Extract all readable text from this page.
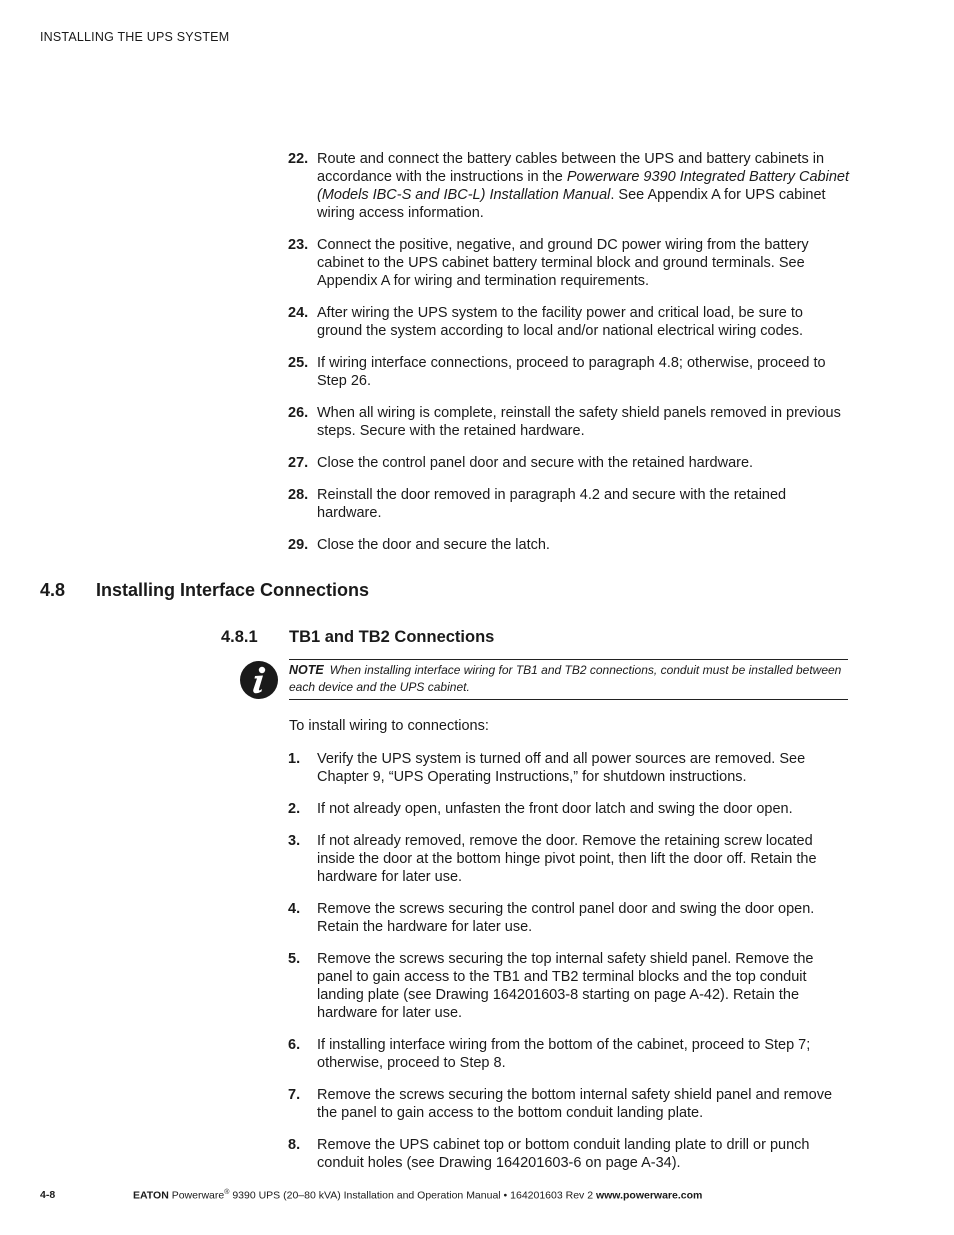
INSTALLING THE UPS SYSTEM
22. Route and connect the battery cables between the UPS and battery cabinets in accordance with the instructions in the Powerware 9390 Integrated Battery Cabinet (Models IBC-S and IBC-L) Installation Manual. See Appendix A for UPS cabinet wiring access information.
23. Connect the positive, negative, and ground DC power wiring from the battery cabinet to the UPS cabinet battery terminal block and ground terminals. See Appendix A for wiring and termination requirements.
24. After wiring the UPS system to the facility power and critical load, be sure to ground the system according to local and/or national electrical wiring codes.
25. If wiring interface connections, proceed to paragraph 4.8; otherwise, proceed to Step 26.
26. When all wiring is complete, reinstall the safety shield panels removed in previous steps. Secure with the retained hardware.
27. Close the control panel door and secure with the retained hardware.
28. Reinstall the door removed in paragraph 4.2 and secure with the retained hardware.
29. Close the door and secure the latch.
4.8 Installing Interface Connections
4.8.1 TB1 and TB2 Connections
NOTE When installing interface wiring for TB1 and TB2 connections, conduit must be installed between each device and the UPS cabinet.
To install wiring to connections:
1. Verify the UPS system is turned off and all power sources are removed. See Chapter 9, “UPS Operating Instructions,” for shutdown instructions.
2. If not already open, unfasten the front door latch and swing the door open.
3. If not already removed, remove the door. Remove the retaining screw located inside the door at the bottom hinge pivot point, then lift the door off. Retain the hardware for later use.
4. Remove the screws securing the control panel door and swing the door open. Retain the hardware for later use.
5. Remove the screws securing the top internal safety shield panel. Remove the panel to gain access to the TB1 and TB2 terminal blocks and the top conduit landing plate (see Drawing 164201603-8 starting on page A-42). Retain the hardware for later use.
6. If installing interface wiring from the bottom of the cabinet, proceed to Step 7; otherwise, proceed to Step 8.
7. Remove the screws securing the bottom internal safety shield panel and remove the panel to gain access to the bottom conduit landing plate.
8. Remove the UPS cabinet top or bottom conduit landing plate to drill or punch conduit holes (see Drawing 164201603-6 on page A-34).
4-8	EATON Powerware® 9390 UPS (20–80 kVA) Installation and Operation Manual • 164201603 Rev 2 www.powerware.com
